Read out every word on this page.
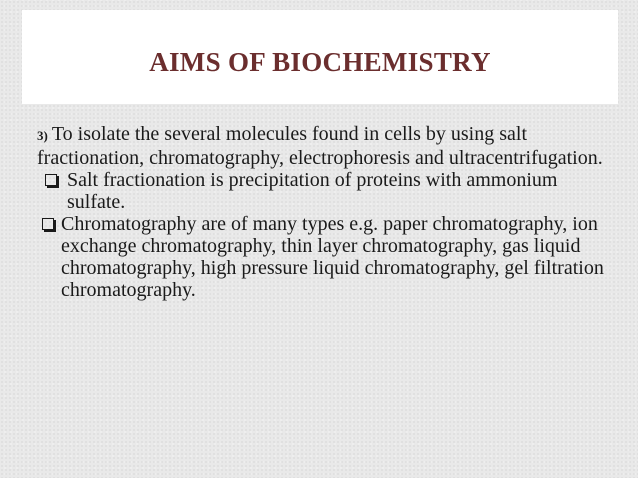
AIMS OF BIOCHEMISTRY

3) To isolate the several molecules found in cells by using salt    fractionation, chromatography, electrophoresis and ultracentrifugation.

Salt fractionation is precipitation of proteins with ammonium sulfate.
Chromatography are of many types e.g. paper chromatography, ion exchange chromatography, thin layer chromatography, gas liquid chromatography, high pressure liquid chromatography, gel filtration chromatography.
